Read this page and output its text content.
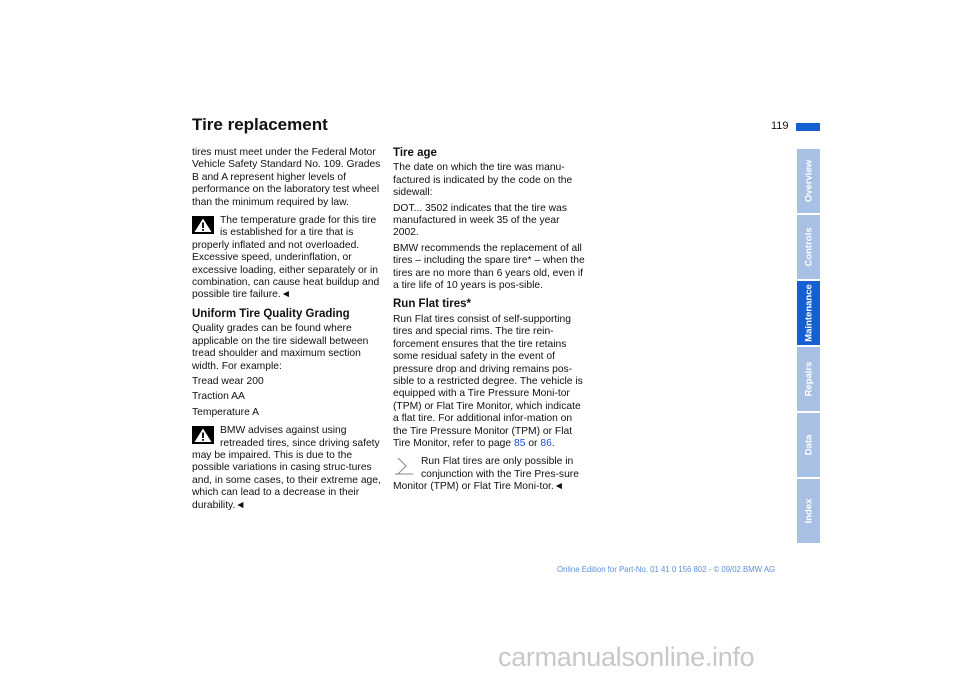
Tire replacement	119
Overview
Controls
Maintenance
Repairs
Data
Index

tires must meet under the Federal Motor Vehicle Safety Standard No. 109. Grades B and A represent higher levels of performance on the laboratory test wheel than the minimum required by law.

The temperature grade for this tire is established for a tire that is properly inflated and not overloaded. Excessive speed, underinflation, or excessive loading, either separately or in combination, can cause heat buildup and possible tire failure.◄

Uniform Tire Quality Grading

Quality grades can be found where applicable on the tire sidewall between tread shoulder and maximum section width. For example:

Tread wear 200

Traction AA

Temperature A

BMW advises against using retreaded tires, since driving safety may be impaired. This is due to the possible variations in casing struc-tures and, in some cases, to their extreme age, which can lead to a decrease in their durability.◄

Tire age

The date on which the tire was manu-factured is indicated by the code on the sidewall:

DOT... 3502 indicates that the tire was manufactured in week 35 of the year 2002.

BMW recommends the replacement of all tires – including the spare tire* – when the tires are no more than 6 years old, even if a tire life of 10 years is pos-sible.

Run Flat tires*

Run Flat tires consist of self-supporting tires and special rims. The tire rein-forcement ensures that the tire retains some residual safety in the event of pressure drop and driving remains pos-sible to a restricted degree. The vehicle is equipped with a Tire Pressure Moni-tor (TPM) or Flat Tire Monitor, which indicate a flat tire. For additional infor-mation on the Tire Pressure Monitor (TPM) or Flat Tire Monitor, refer to page 85 or 86.

Run Flat tires are only possible in conjunction with the Tire Pres-sure Monitor (TPM) or Flat Tire Moni-tor.◄

Online Edition for Part-No. 01 41 0 156 802 - © 09/02 BMW AG
carmanualsonline.info
